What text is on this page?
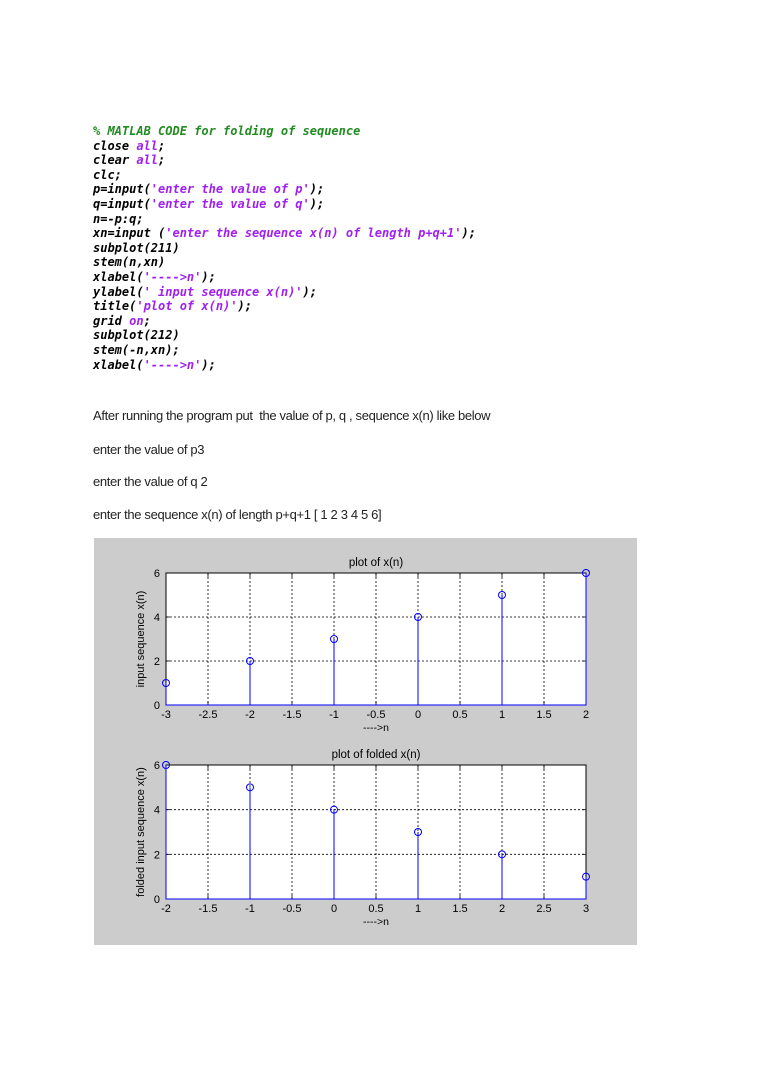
% MATLAB CODE for folding of sequence
close all;
clear all;
clc;
p=input('enter the value of p');
q=input('enter the value of q');
n=-p:q;
xn=input ('enter the sequence x(n) of length p+q+1');
subplot(211)
stem(n,xn)
xlabel('---->n');
ylabel(' input sequence x(n)');
title('plot of x(n)');
grid on;
subplot(212)
stem(-n,xn);
xlabel('---->n');
After running the program put  the value of p, q , sequence x(n) like below
enter the value of p3
enter the value of q 2
enter the sequence x(n) of length p+q+1 [ 1 2 3 4 5 6]
-3	-2.5	-2	-1.5	-1	-0.5	0	0.5	1	1.5	2
0
2
4
6
plot of x(n)
---->n
input sequence x(n)
-2	-1.5	-1	-0.5	0	0.5	1	1.5	2	2.5	3
0
2
4
6
plot of folded x(n)
---->n
folded input sequence x(n)
